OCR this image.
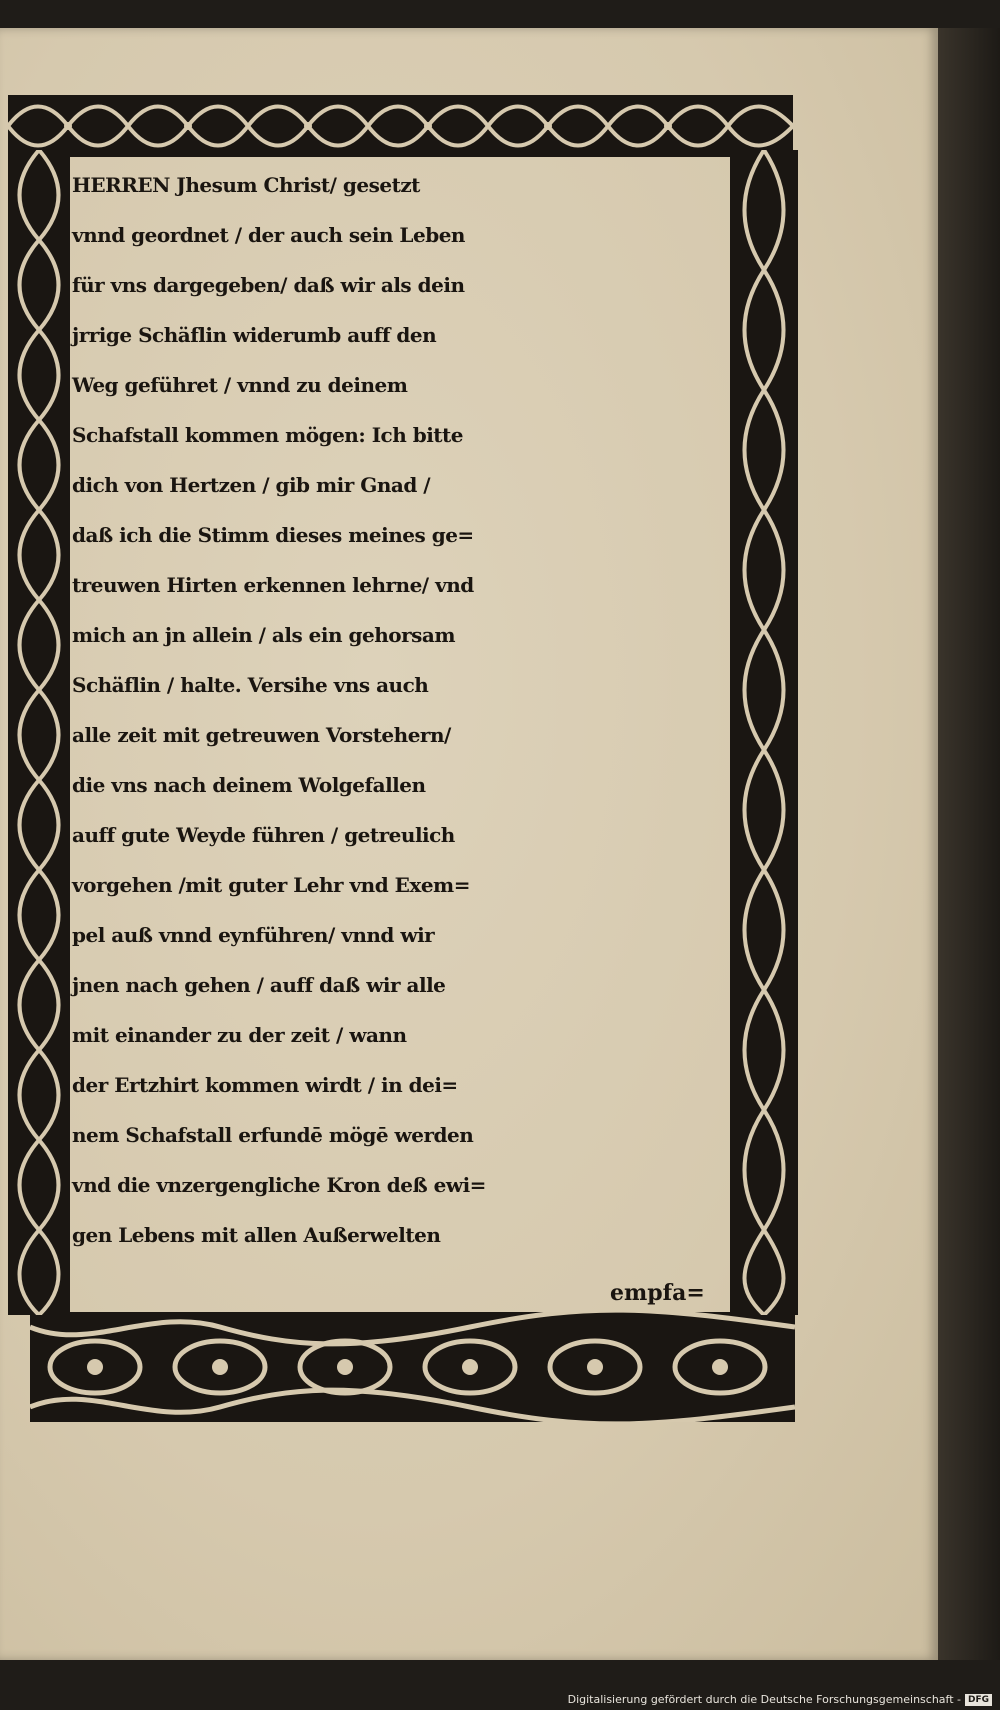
HERREN Jhesum Christ/ gesetzt
vnnd geordnet / der auch sein Leben
für vns dargegeben/ daß wir als dein
jrrige Schäflin widerumb auff den
Weg geführet / vnnd zu deinem
Schafstall kommen mögen: Ich bitte
dich von Hertzen / gib mir Gnad /
daß ich die Stimm dieses meines ge=
treuwen Hirten erkennen lehrne/ vnd
mich an jn allein / als ein gehorsam
Schäflin / halte. Versihe vns auch
alle zeit mit getreuwen Vorstehern/
die vns nach deinem Wolgefallen
auff gute Weyde führen / getreulich
vorgehen /mit guter Lehr vnd Exem=
pel auß vnnd eynführen/ vnnd wir
jnen nach gehen / auff daß wir alle
mit einander zu der zeit / wann
der Ertzhirt kommen wirdt / in dei=
nem Schafstall erfundē mögē werden
vnd die vnzergengliche Kron deß ewi=
gen Lebens mit allen Außerwelten
empfa=
Digitalisierung gefördert durch die Deutsche Forschungsgemeinschaft - DFG
